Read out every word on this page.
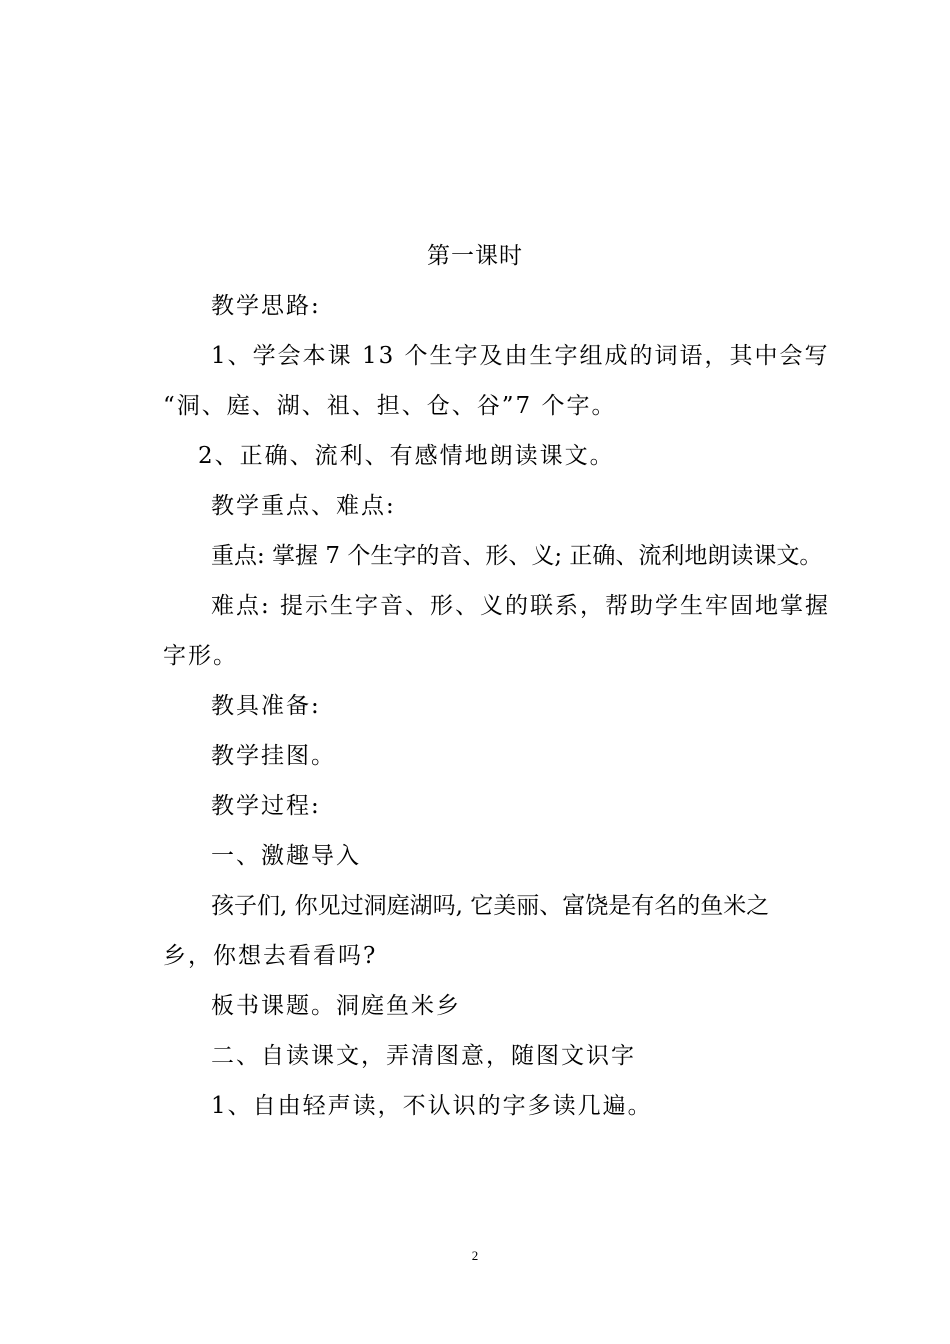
第一课时
教学思路:
1、学会本课 13 个生字及由生字组成的词语，其中会写
“洞、庭、湖、祖、担、仓、谷”7 个字。
2、正确、流利、有感情地朗读课文。
教学重点、难点:
重点: 掌握 7 个生字的音、形、义; 正确、流利地朗读课文。
难点: 提示生字音、形、义的联系，帮助学生牢固地掌握
字形。
教具准备:
教学挂图。
教学过程:
一、激趣导入
孩子们, 你见过洞庭湖吗, 它美丽、富饶是有名的鱼米之
乡，你想去看看吗?
板书课题。洞庭鱼米乡
二、自读课文，弄清图意，随图文识字
1、自由轻声读，不认识的字多读几遍。
2
